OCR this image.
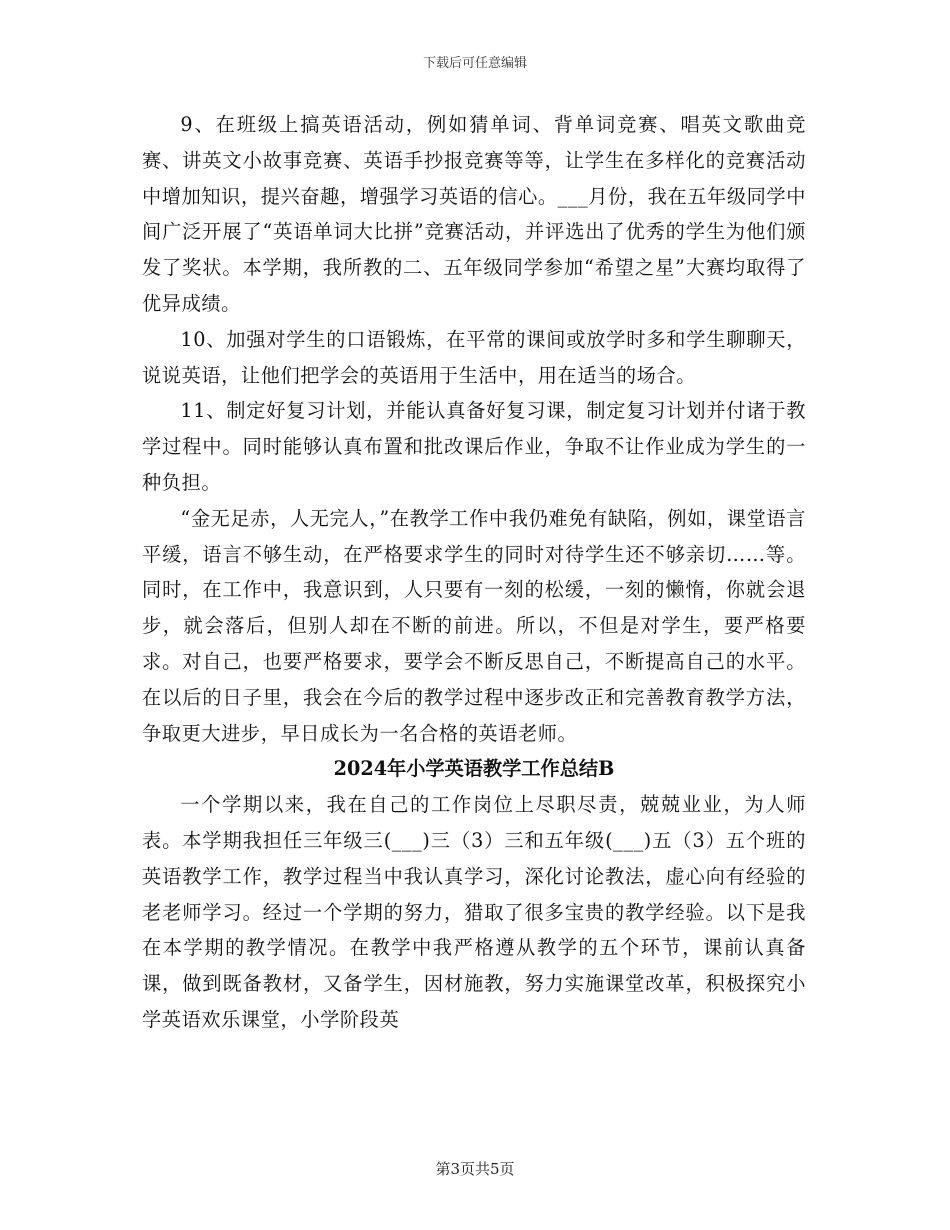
下载后可任意编辑

9、在班级上搞英语活动，例如猜单词、背单词竞赛、唱英文歌曲竞赛、讲英文小故事竞赛、英语手抄报竞赛等等，让学生在多样化的竞赛活动中增加知识，提兴奋趣，增强学习英语的信心。___月份，我在五年级同学中间广泛开展了“英语单词大比拼”竞赛活动，并评选出了优秀的学生为他们颁发了奖状。本学期，我所教的二、五年级同学参加“希望之星”大赛均取得了优异成绩。

10、加强对学生的口语锻炼，在平常的课间或放学时多和学生聊聊天，说说英语，让他们把学会的英语用于生活中，用在适当的场合。

11、制定好复习计划，并能认真备好复习课，制定复习计划并付诸于教学过程中。同时能够认真布置和批改课后作业，争取不让作业成为学生的一种负担。

“金无足赤，人无完人，”在教学工作中我仍难免有缺陷，例如，课堂语言平缓，语言不够生动，在严格要求学生的同时对待学生还不够亲切……等。同时，在工作中，我意识到，人只要有一刻的松缓，一刻的懒惰，你就会退步，就会落后，但别人却在不断的前进。所以，不但是对学生，要严格要求。对自己，也要严格要求，要学会不断反思自己，不断提高自己的水平。在以后的日子里，我会在今后的教学过程中逐步改正和完善教育教学方法，争取更大进步，早日成长为一名合格的英语老师。

2024年小学英语教学工作总结B

一个学期以来，我在自己的工作岗位上尽职尽责，兢兢业业，为人师表。本学期我担任三年级三(___)三（3）三和五年级(___)五（3）五个班的英语教学工作，教学过程当中我认真学习，深化讨论教法，虚心向有经验的老老师学习。经过一个学期的努力，猎取了很多宝贵的教学经验。以下是我在本学期的教学情况。在教学中我严格遵从教学的五个环节，课前认真备课，做到既备教材，又备学生，因材施教，努力实施课堂改革，积极探究小学英语欢乐课堂，小学阶段英

第3页共5页
